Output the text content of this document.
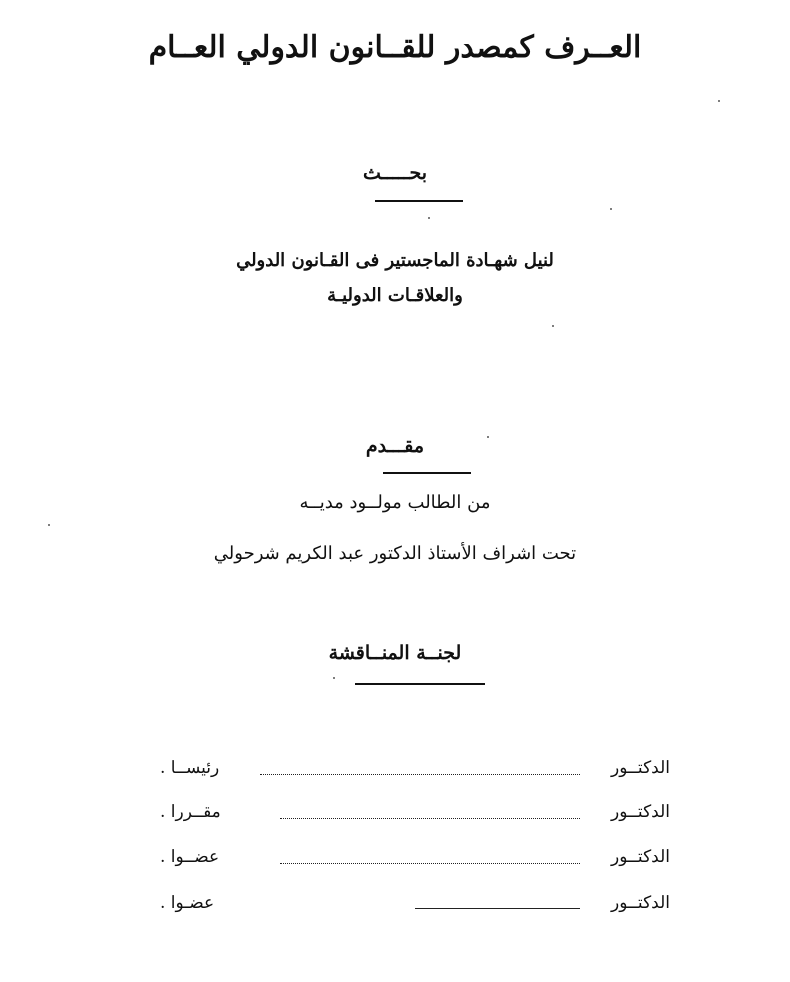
العــرف كمصدر للقــانون الدولي العــام
بحـــــث
لنيل شهـادة الماجستير فى القـانون الدولي
والعلاقـات الدوليـة
مقـــدم
من الطالب مولــود مديــه
تحت اشراف الأستاذ الدكتور عبد الكريم شرحولي
لجنــة المنــاقشة
الدكتــور
رئيســا .
الدكتــور
مقــررا .
الدكتــور
عضــوا .
الدكتــور
عضـوا .
